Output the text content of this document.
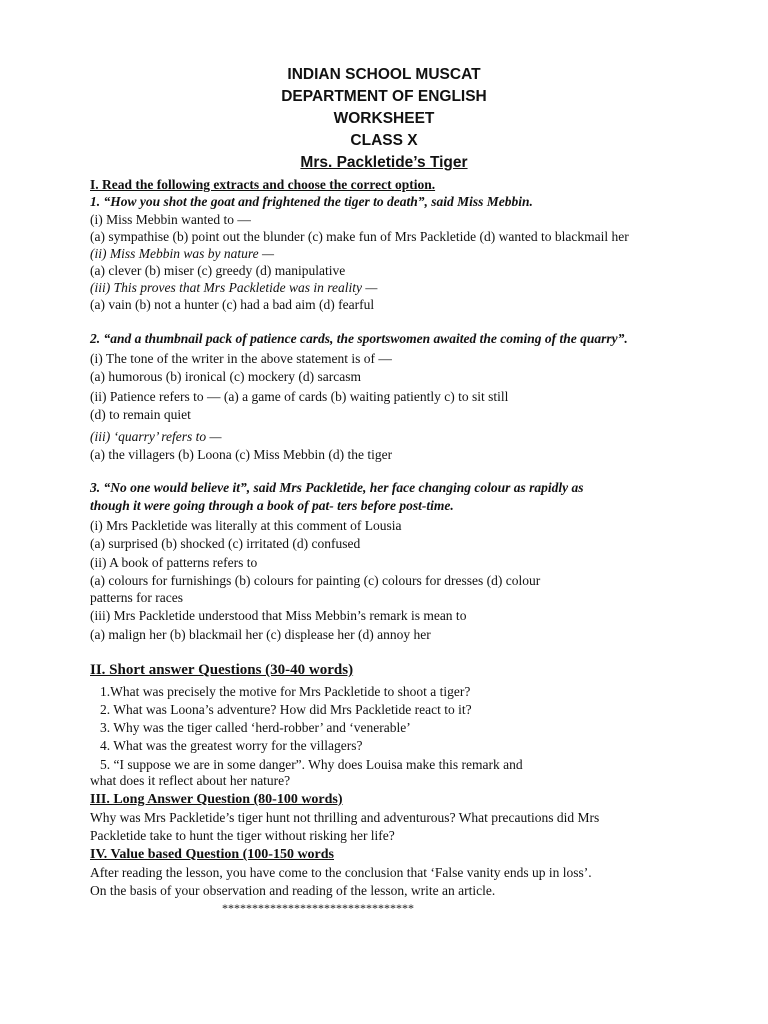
INDIAN SCHOOL MUSCAT
DEPARTMENT OF ENGLISH
WORKSHEET
CLASS X
Mrs. Packletide’s Tiger
I. Read the following extracts and choose the correct option.
1. “How you shot the goat and frightened the tiger to death”, said Miss Mebbin.
(i) Miss Mebbin wanted to —
(a) sympathise (b) point out the blunder (c) make fun of Mrs Packletide (d) wanted to blackmail her
(ii) Miss Mebbin was by nature —
(a) clever (b) miser (c) greedy (d) manipulative
(iii) This proves that Mrs Packletide was in reality —
(a) vain (b) not a hunter (c) had a bad aim (d) fearful
2. “and a thumbnail pack of patience cards, the sportswomen awaited the coming of the quarry”.
(i) The tone of the writer in the above statement is of —
(a) humorous (b) ironical (c) mockery (d) sarcasm
(ii) Patience refers to — (a) a game of cards (b) waiting patiently c) to sit still
(d) to remain quiet
(iii) ‘quarry’ refers to —
(a) the villagers (b) Loona (c) Miss Mebbin (d) the tiger
3. “No one would believe it”, said Mrs Packletide, her face changing colour as rapidly as
though it were going through a book of pat- ters before post-time.
(i) Mrs Packletide was literally at this comment of Lousia
(a) surprised (b) shocked (c) irritated (d) confused
(ii) A book of patterns refers to
(a) colours for furnishings (b) colours for painting (c) colours for dresses (d) colour
patterns for races
(iii) Mrs Packletide understood that Miss Mebbin’s remark is mean to
(a) malign her (b) blackmail her (c) displease her (d) annoy her
II. Short answer Questions (30-40 words)
1.What was precisely the motive for Mrs Packletide to shoot a tiger?
2. What was Loona’s adventure? How did Mrs Packletide react to it?
3. Why was the tiger called ‘herd-robber’ and ‘venerable’
4. What was the greatest worry for the villagers?
5. “I suppose we are in some danger”. Why does Louisa make this remark and
what does it reflect about her nature?
III. Long Answer Question (80-100 words)
Why was Mrs Packletide’s tiger hunt not thrilling and adventurous? What precautions did Mrs
Packletide take to hunt the tiger without risking her life?
IV. Value based Question (100-150 words
After reading the lesson, you have come to the conclusion that ‘False vanity ends up in loss’.
On the basis of your observation and reading of the lesson, write an article.
********************************
